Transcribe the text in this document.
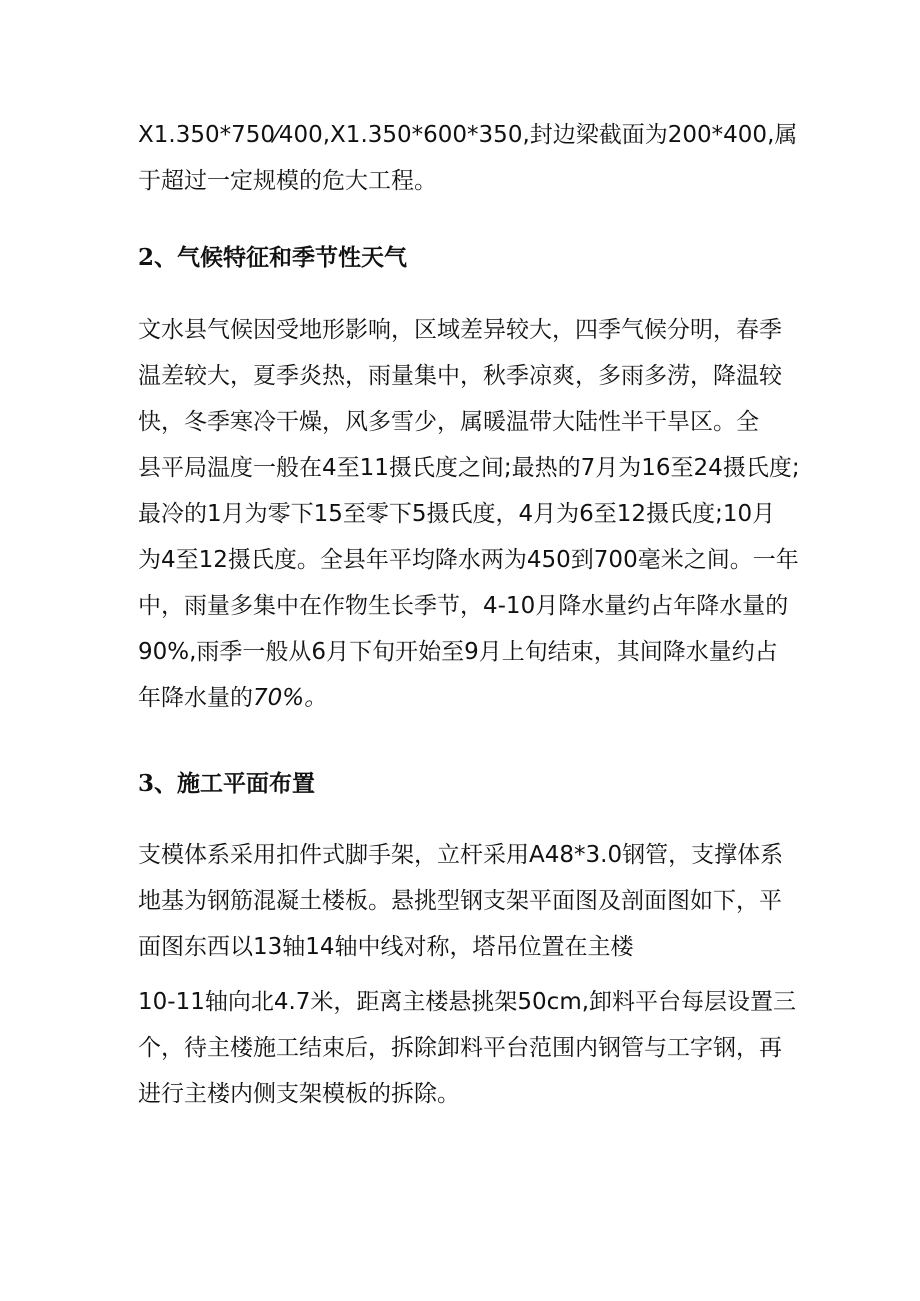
X1.350*750⁄400,X1.350*600*350,封边梁截面为200*400,属
于超过一定规模的危大工程。

2、气候特征和季节性天气

文水县气候因受地形影响，区域差异较大，四季气候分明，春季
温差较大，夏季炎热，雨量集中，秋季凉爽，多雨多涝，降温较
快，冬季寒冷干燥，风多雪少，属暖温带大陆性半干旱区。全
县平局温度一般在4至11摄氏度之间;最热的7月为16至24摄氏度;
最冷的1月为零下15至零下5摄氏度，4月为6至12摄氏度;10月
为4至12摄氏度。全县年平均降水两为450到700毫米之间。一年
中，雨量多集中在作物生长季节，4-10月降水量约占年降水量的
90%,雨季一般从6月下旬开始至9月上旬结束，其间降水量约占
年降水量的70%。

3、施工平面布置

支模体系采用扣件式脚手架，立杆采用A48*3.0钢管，支撑体系
地基为钢筋混凝土楼板。悬挑型钢支架平面图及剖面图如下，平
面图东西以13轴14轴中线对称，塔吊位置在主楼

10-11轴向北4.7米，距离主楼悬挑架50cm,卸料平台每层设置三
个，待主楼施工结束后，拆除卸料平台范围内钢管与工字钢，再
进行主楼内侧支架模板的拆除。
